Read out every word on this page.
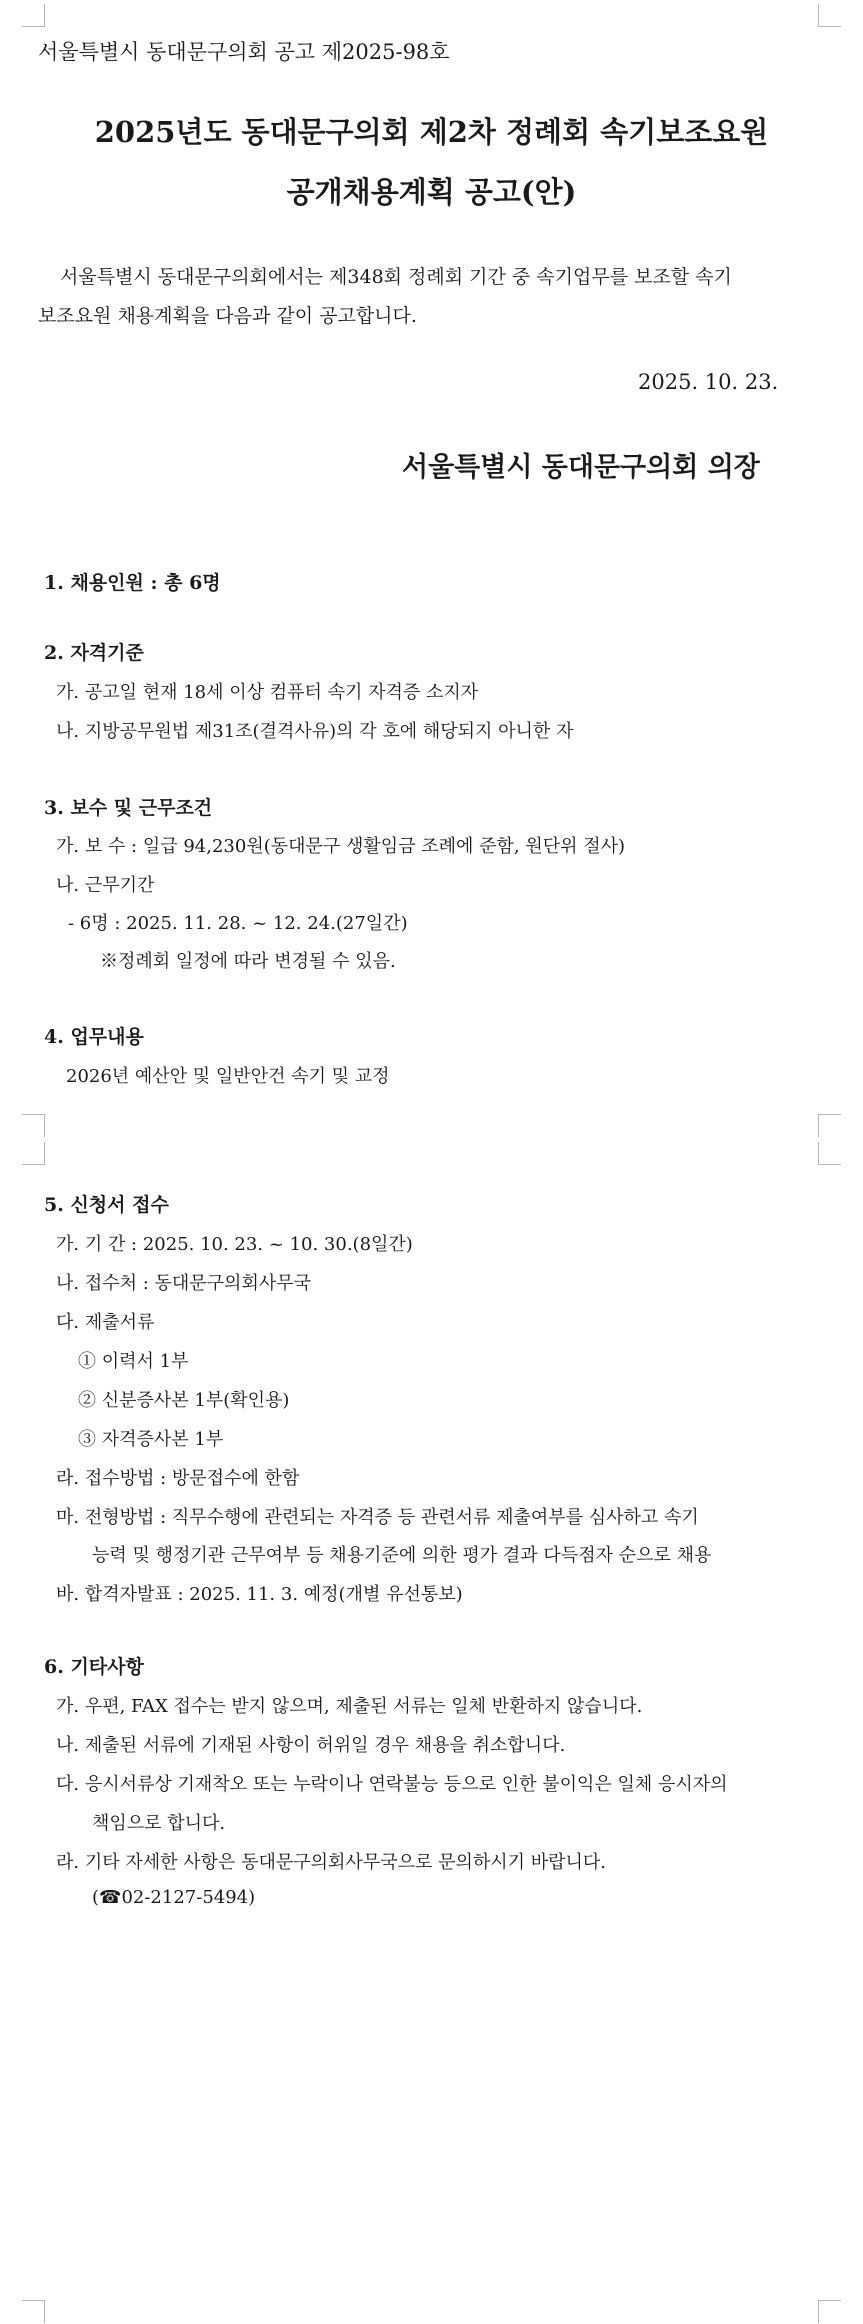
서울특별시 동대문구의회 공고 제2025-98호
2025년도 동대문구의회 제2차 정례회 속기보조요원
공개채용계획 공고(안)
서울특별시 동대문구의회에서는 제348회 정례회 기간 중 속기업무를 보조할 속기
보조요원 채용계획을 다음과 같이 공고합니다.
2025. 10. 23.
서울특별시 동대문구의회 의장
1. 채용인원 : 총 6명
2. 자격기준
가. 공고일 현재 18세 이상 컴퓨터 속기 자격증 소지자
나. 지방공무원법 제31조(결격사유)의 각 호에 해당되지 아니한 자
3. 보수 및 근무조건
가. 보 수 : 일급 94,230원(동대문구 생활임금 조례에 준함, 원단위 절사)
나. 근무기간
- 6명 : 2025. 11. 28. ~ 12. 24.(27일간)
※정례회 일정에 따라 변경될 수 있음.
4. 업무내용
2026년 예산안 및 일반안건 속기 및 교정
5. 신청서 접수
가. 기 간 : 2025. 10. 23. ~ 10. 30.(8일간)
나. 접수처 : 동대문구의회사무국
다. 제출서류
① 이력서 1부
② 신분증사본 1부(확인용)
③ 자격증사본 1부
라. 접수방법 : 방문접수에 한함
마. 전형방법 : 직무수행에 관련되는 자격증 등 관련서류 제출여부를 심사하고 속기
능력 및 행정기관 근무여부 등 채용기준에 의한 평가 결과 다득점자 순으로 채용
바. 합격자발표 : 2025. 11. 3. 예정(개별 유선통보)
6. 기타사항
가. 우편, FAX 접수는 받지 않으며, 제출된 서류는 일체 반환하지 않습니다.
나. 제출된 서류에 기재된 사항이 허위일 경우 채용을 취소합니다.
다. 응시서류상 기재착오 또는 누락이나 연락불능 등으로 인한 불이익은 일체 응시자의
책임으로 합니다.
라. 기타 자세한 사항은 동대문구의회사무국으로 문의하시기 바랍니다.
(☎02-2127-5494)
